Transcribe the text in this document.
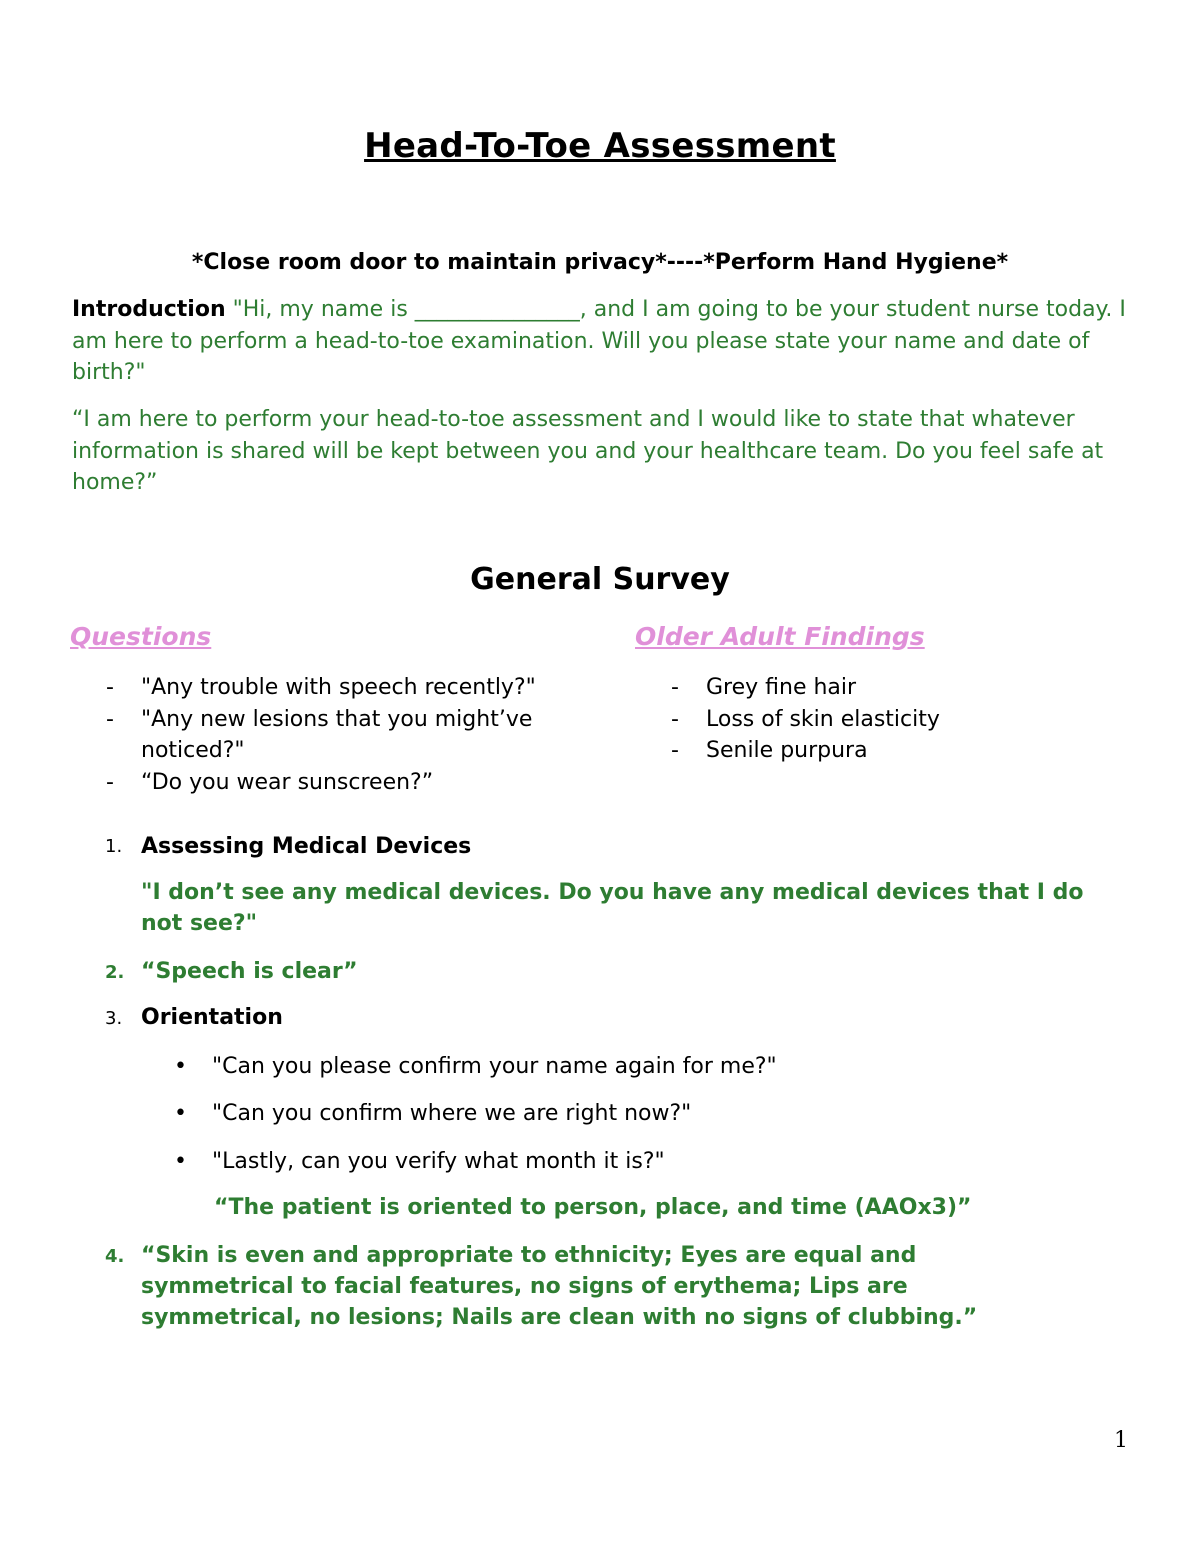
Head-To-Toe Assessment
*Close room door to maintain privacy*----*Perform Hand Hygiene*
Introduction "Hi, my name is _______________, and I am going to be your student nurse today. I am here to perform a head-to-toe examination. Will you please state your name and date of birth?"
“I am here to perform your head-to-toe assessment and I would like to state that whatever information is shared will be kept between you and your healthcare team. Do you feel safe at home?”
General Survey
Questions
- "Any trouble with speech recently?"
- "Any new lesions that you might’ve noticed?"
- “Do you wear sunscreen?”
Older Adult Findings
- Grey fine hair
- Loss of skin elasticity
- Senile purpura
1. Assessing Medical Devices
"I don’t see any medical devices. Do you have any medical devices that I do not see?"
2. “Speech is clear”
3. Orientation
• "Can you please confirm your name again for me?"
• "Can you confirm where we are right now?"
• "Lastly, can you verify what month it is?"
“The patient is oriented to person, place, and time (AAOx3)”
4. “Skin is even and appropriate to ethnicity; Eyes are equal and symmetrical to facial features, no signs of erythema; Lips are symmetrical, no lesions; Nails are clean with no signs of clubbing.”
1
